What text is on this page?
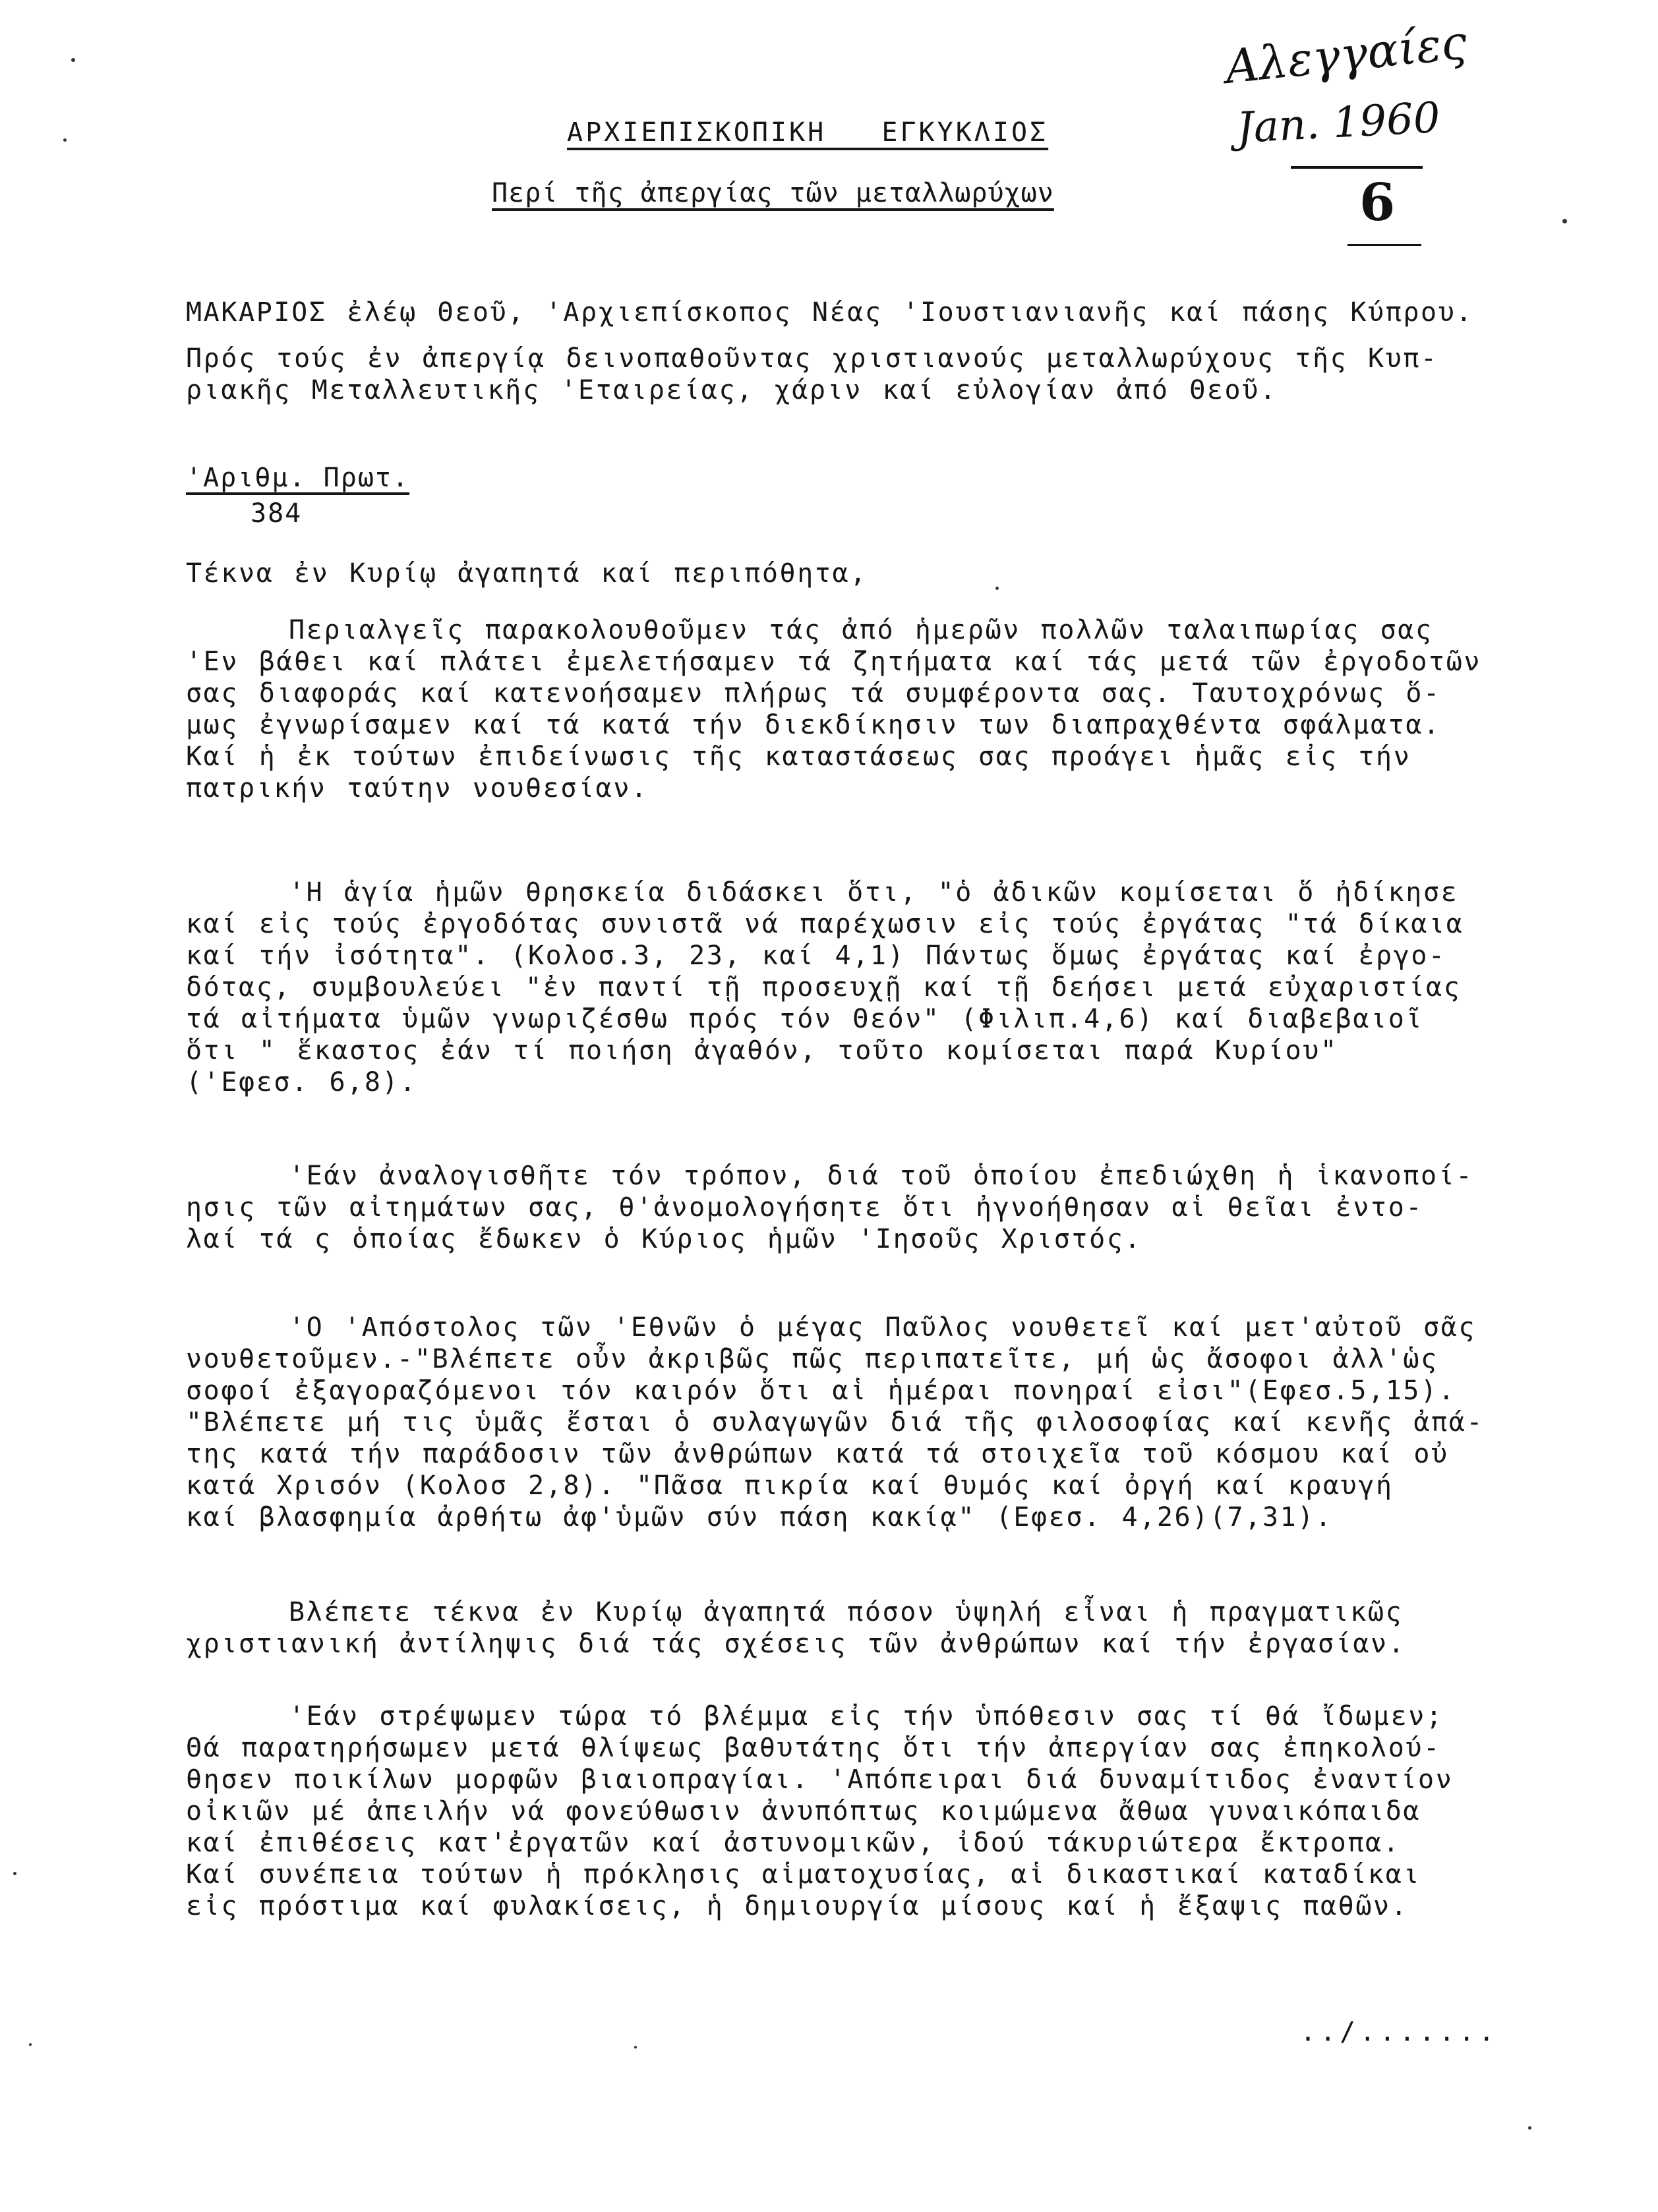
Αλεγγαίες
Jan. 1960
6
ΑΡΧΙΕΠΙΣΚΟΠΙΚΗ   ΕΓΚΥΚΛΙΟΣ
Περί τῆς ἀπεργίας τῶν μεταλλωρύχων
ΜΑΚΑΡΙΟΣ ἐλέῳ Θεοῦ, 'Αρχιεπίσκοπος Νέας 'Ιουστιανιανῆς καί πάσης Κύπρου.
Πρός τούς ἐν ἀπεργίᾳ δεινοπαθοῦντας χριστιανούς μεταλλωρύχους τῆς Κυπ-
ριακῆς Μεταλλευτικῆς 'Εταιρείας, χάριν καί εὐλογίαν ἀπό Θεοῦ.
'Αριθμ. Πρωτ.
384
Τέκνα ἐν Κυρίῳ ἀγαπητά καί περιπόθητα,
Περιαλγεῖς παρακολουθοῦμεν τάς ἀπό ἡμερῶν πολλῶν ταλαιπωρίας σας
'Εν βάθει καί πλάτει ἐμελετήσαμεν τά ζητήματα καί τάς μετά τῶν ἐργοδοτῶν
σας διαφοράς καί κατενοήσαμεν πλήρως τά συμφέροντα σας. Ταυτοχρόνως ὅ-
μως ἐγνωρίσαμεν καί τά κατά τήν διεκδίκησιν των διαπραχθέντα σφάλματα.
Καί ἡ ἐκ τούτων ἐπιδείνωσις τῆς καταστάσεως σας προάγει ἡμᾶς εἰς τήν
πατρικήν ταύτην νουθεσίαν.
'Η ἁγία ἡμῶν θρησκεία διδάσκει ὅτι, "ὁ ἀδικῶν κομίσεται ὅ ἠδίκησε
καί εἰς τούς ἐργοδότας συνιστᾶ νά παρέχωσιν εἰς τούς ἐργάτας "τά δίκαια
καί τήν ἰσότητα". (Κολοσ.3, 23, καί 4,1) Πάντως ὅμως ἐργάτας καί ἐργο-
δότας, συμβουλεύει "ἐν παντί τῇ προσευχῇ καί τῇ δεήσει μετά εὐχαριστίας
τά αἰτήματα ὑμῶν γνωριζέσθω πρός τόν Θεόν" (Φιλιπ.4,6) καί διαβεβαιοῖ
ὅτι " ἕκαστος ἐάν τί ποιήση ἀγαθόν, τοῦτο κομίσεται παρά Κυρίου"
('Εφεσ. 6,8).
'Εάν ἀναλογισθῆτε τόν τρόπον, διά τοῦ ὁποίου ἐπεδιώχθη ἡ ἱκανοποί-
ησις τῶν αἰτημάτων σας, θ'ἀνομολογήσητε ὅτι ἠγνοήθησαν αἱ θεῖαι ἐντο-
λαί τά ς ὁποίας ἔδωκεν ὁ Κύριος ἡμῶν 'Ιησοῦς Χριστός.
'Ο 'Απόστολος τῶν 'Εθνῶν ὁ μέγας Παῦλος νουθετεῖ καί μετ'αὐτοῦ σᾶς
νουθετοῦμεν.-"Βλέπετε οὖν ἀκριβῶς πῶς περιπατεῖτε, μή ὡς ἄσοφοι ἀλλ'ὡς
σοφοί ἐξαγοραζόμενοι τόν καιρόν ὅτι αἱ ἡμέραι πονηραί εἰσι"(Εφεσ.5,15).
"Βλέπετε μή τις ὑμᾶς ἔσται ὁ συλαγωγῶν διά τῆς φιλοσοφίας καί κενῆς ἀπά-
της κατά τήν παράδοσιν τῶν ἀνθρώπων κατά τά στοιχεῖα τοῦ κόσμου καί οὐ
κατά Χρισόν (Κολοσ 2,8). "Πᾶσα πικρία καί θυμός καί ὀργή καί κραυγή
καί βλασφημία ἀρθήτω ἀφ'ὑμῶν σύν πάση κακίᾳ" (Εφεσ. 4,26)(7,31).
Βλέπετε τέκνα ἐν Κυρίῳ ἀγαπητά πόσον ὑψηλή εἶναι ἡ πραγματικῶς
χριστιανική ἀντίληψις διά τάς σχέσεις τῶν ἀνθρώπων καί τήν ἐργασίαν.
'Εάν στρέψωμεν τώρα τό βλέμμα εἰς τήν ὑπόθεσιν σας τί θά ἴδωμεν;
Θά παρατηρήσωμεν μετά θλίψεως βαθυτάτης ὅτι τήν ἀπεργίαν σας ἐπηκολού-
θησεν ποικίλων μορφῶν βιαιοπραγίαι. 'Απόπειραι διά δυναμίτιδος ἐναντίον
οἰκιῶν μέ ἀπειλήν νά φονεύθωσιν ἀνυπόπτως κοιμώμενα ἄθωα γυναικόπαιδα
καί ἐπιθέσεις κατ'ἐργατῶν καί ἀστυνομικῶν, ἰδού τάκυριώτερα ἔκτροπα.
Καί συνέπεια τούτων ἡ πρόκλησις αἱματοχυσίας, αἱ δικαστικαί καταδίκαι
εἰς πρόστιμα καί φυλακίσεις, ἡ δημιουργία μίσους καί ἡ ἔξαψις παθῶν.
../.......
